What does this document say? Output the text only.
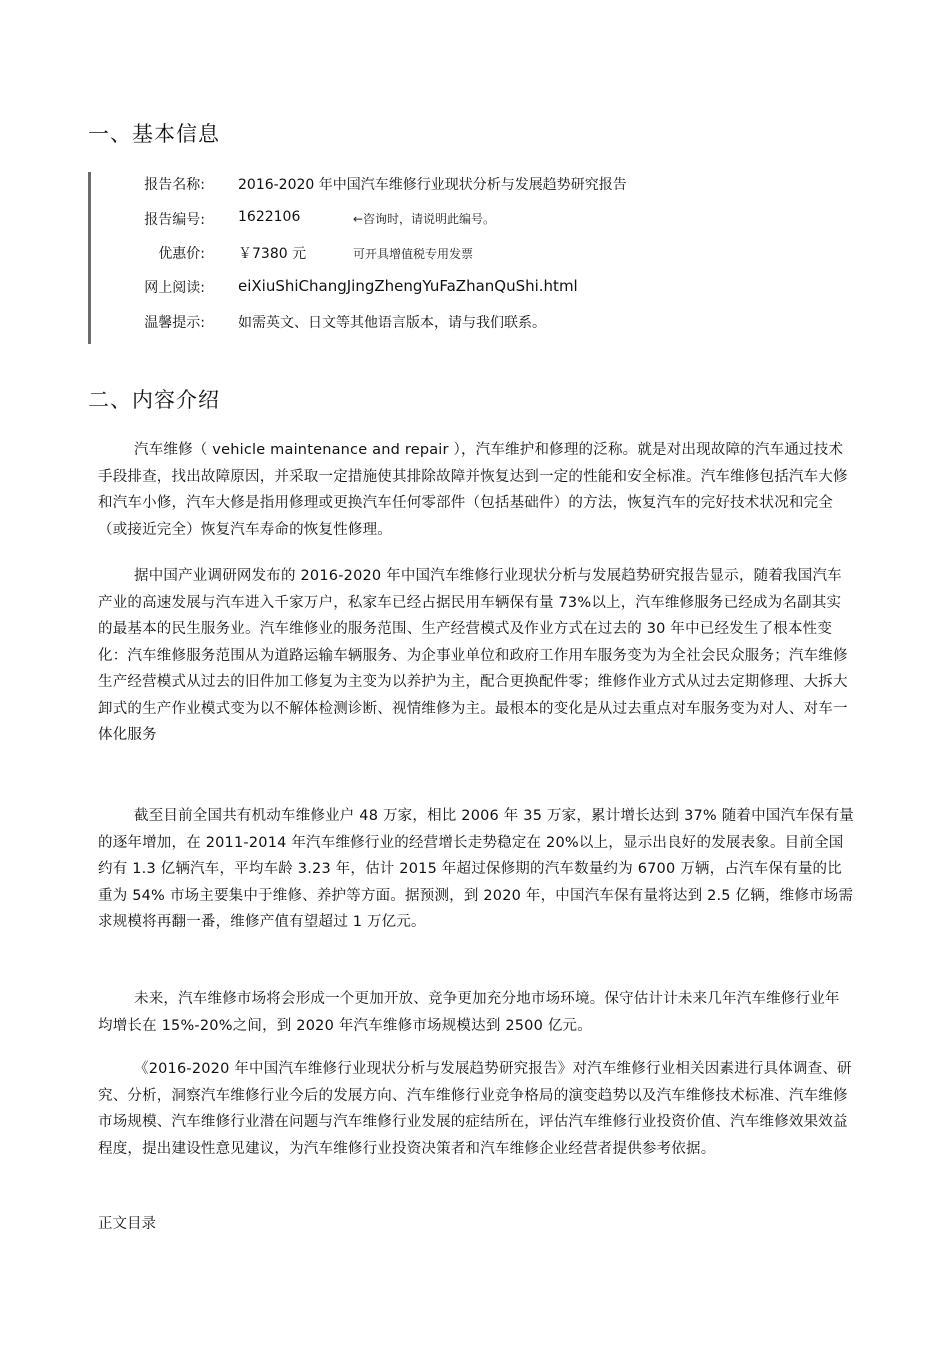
一、基本信息
报告名称: 2016-2020 年中国汽车维修行业现状分析与发展趋势研究报告
报告编号: 1622106	←咨询时，请说明此编号。
优惠价: ￥7380 元	可开具增值税专用发票
网上阅读: eiXiuShiChangJingZhengYuFaZhanQuShi.html
温馨提示: 如需英文、日文等其他语言版本，请与我们联系。
二、内容介绍

汽车维修（ vehicle maintenance and repair ），汽车维护和修理的泛称。就是对出现故障的汽车通过技术手段排查，找出故障原因，并采取一定措施使其排除故障并恢复达到一定的性能和安全标准。汽车维修包括汽车大修和汽车小修，汽车大修是指用修理或更换汽车任何零部件（包括基础件）的方法，恢复汽车的完好技术状况和完全（或接近完全）恢复汽车寿命的恢复性修理。

据中国产业调研网发布的 2016-2020 年中国汽车维修行业现状分析与发展趋势研究报告显示，随着我国汽车产业的高速发展与汽车进入千家万户，私家车已经占据民用车辆保有量 73%以上，汽车维修服务已经成为名副其实的最基本的民生服务业。汽车维修业的服务范围、生产经营模式及作业方式在过去的 30 年中已经发生了根本性变化：汽车维修服务范围从为道路运输车辆服务、为企事业单位和政府工作用车服务变为为全社会民众服务；汽车维修生产经营模式从过去的旧件加工修复为主变为以养护为主，配合更换配件零；维修作业方式从过去定期修理、大拆大卸式的生产作业模式变为以不解体检测诊断、视情维修为主。最根本的变化是从过去重点对车服务变为对人、对车一体化服务

截至目前全国共有机动车维修业户 48 万家，相比 2006 年 35 万家，累计增长达到 37% 随着中国汽车保有量的逐年增加，在 2011-2014 年汽车维修行业的经营增长走势稳定在 20%以上，显示出良好的发展表象。目前全国约有 1.3 亿辆汽车，平均车龄 3.23 年，估计 2015 年超过保修期的汽车数量约为 6700 万辆，占汽车保有量的比重为 54% 市场主要集中于维修、养护等方面。据预测，到 2020 年，中国汽车保有量将达到 2.5 亿辆，维修市场需求规模将再翻一番，维修产值有望超过 1 万亿元。

未来，汽车维修市场将会形成一个更加开放、竞争更加充分地市场环境。保守估计计未来几年汽车维修行业年均增长在 15%-20%之间，到 2020 年汽车维修市场规模达到 2500 亿元。

《2016-2020 年中国汽车维修行业现状分析与发展趋势研究报告》对汽车维修行业相关因素进行具体调查、研究、分析，洞察汽车维修行业今后的发展方向、汽车维修行业竞争格局的演变趋势以及汽车维修技术标准、汽车维修市场规模、汽车维修行业潜在问题与汽车维修行业发展的症结所在，评估汽车维修行业投资价值、汽车维修效果效益程度，提出建设性意见建议，为汽车维修行业投资决策者和汽车维修企业经营者提供参考依据。

正文目录
